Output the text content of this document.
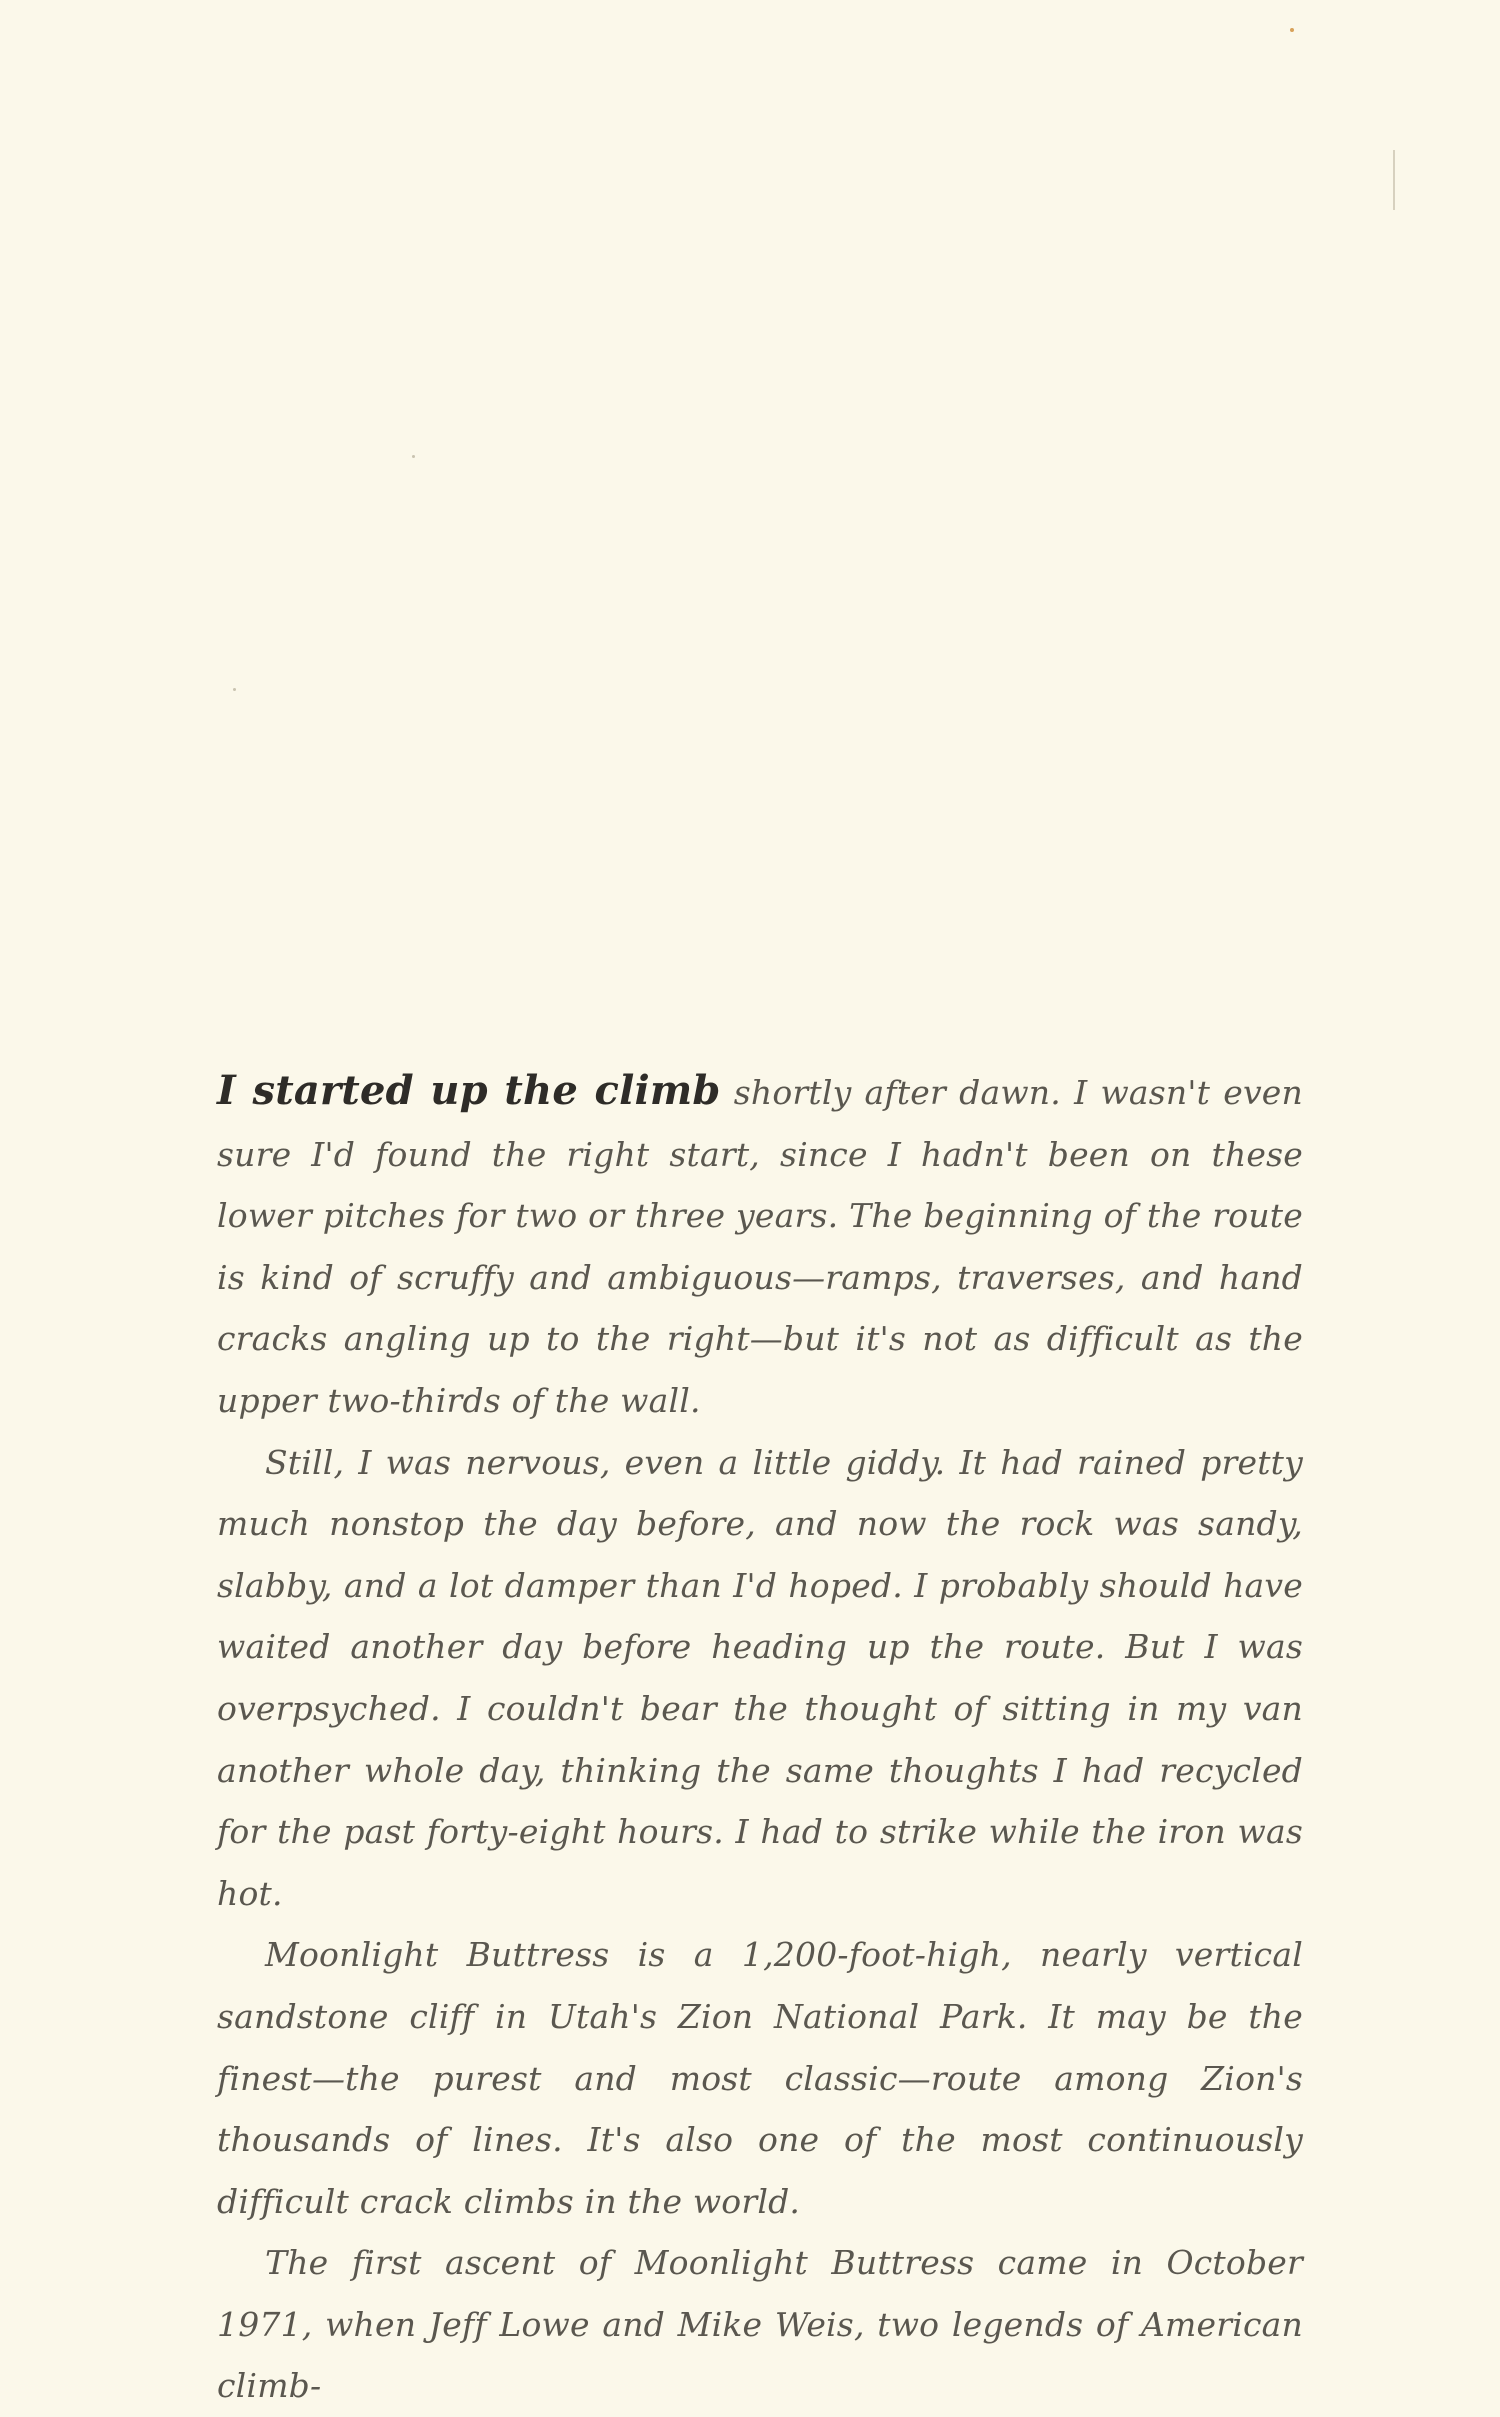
I started up the climb shortly after dawn. I wasn't even sure I'd found the right start, since I hadn't been on these lower pitches for two or three years. The beginning of the route is kind of scruffy and ambiguous—ramps, traverses, and hand cracks angling up to the right—but it's not as difficult as the upper two-thirds of the wall.

Still, I was nervous, even a little giddy. It had rained pretty much nonstop the day before, and now the rock was sandy, slabby, and a lot damper than I'd hoped. I probably should have waited another day before heading up the route. But I was overpsyched. I couldn't bear the thought of sitting in my van another whole day, thinking the same thoughts I had recycled for the past forty-eight hours. I had to strike while the iron was hot.

Moonlight Buttress is a 1,200-foot-high, nearly vertical sandstone cliff in Utah's Zion National Park. It may be the finest—the purest and most classic—route among Zion's thousands of lines. It's also one of the most continuously difficult crack climbs in the world.

The first ascent of Moonlight Buttress came in October 1971, when Jeff Lowe and Mike Weis, two legends of American climb-
